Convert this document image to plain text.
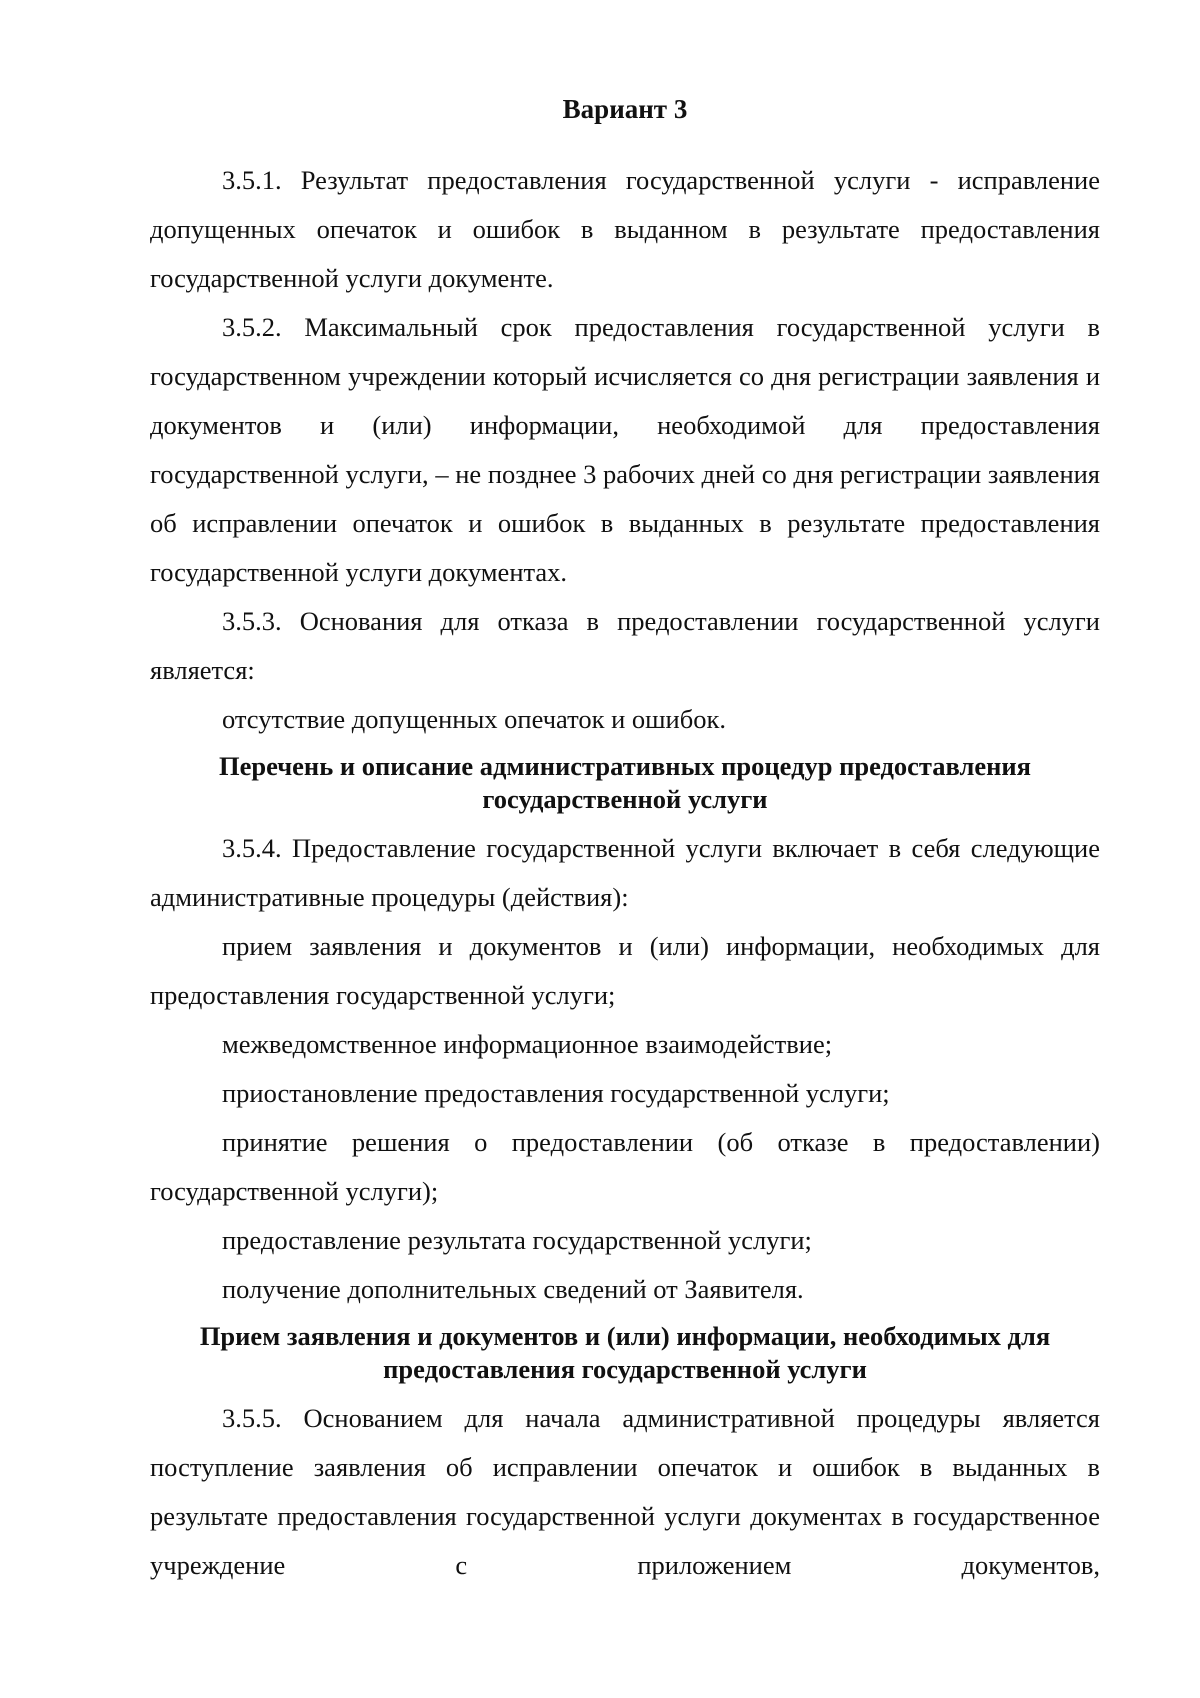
Вариант 3

3.5.1. Результат предоставления государственной услуги - исправление допущенных опечаток и ошибок в выданном в результате предоставления государственной услуги документе.

3.5.2. Максимальный срок предоставления государственной услуги в государственном учреждении который исчисляется со дня регистрации заявления и документов и (или) информации, необходимой для предоставления государственной услуги, – не позднее 3 рабочих дней со дня регистрации заявления об исправлении опечаток и ошибок в выданных в результате предоставления государственной услуги документах.

3.5.3. Основания для отказа в предоставлении государственной услуги является:

отсутствие допущенных опечаток и ошибок.

Перечень и описание административных процедур предоставления
государственной услуги

3.5.4. Предоставление государственной услуги включает в себя следующие административные процедуры (действия):

прием заявления и документов и (или) информации, необходимых для предоставления государственной услуги;

межведомственное информационное взаимодействие;

приостановление предоставления государственной услуги;

принятие решения о предоставлении (об отказе в предоставлении) государственной услуги);

предоставление результата государственной услуги;

получение дополнительных сведений от Заявителя.

Прием заявления и документов и (или) информации, необходимых для
предоставления государственной услуги

3.5.5. Основанием для начала административной процедуры является поступление заявления об исправлении опечаток и ошибок в выданных в результате предоставления государственной услуги документах в государственное учреждение с приложением документов,
